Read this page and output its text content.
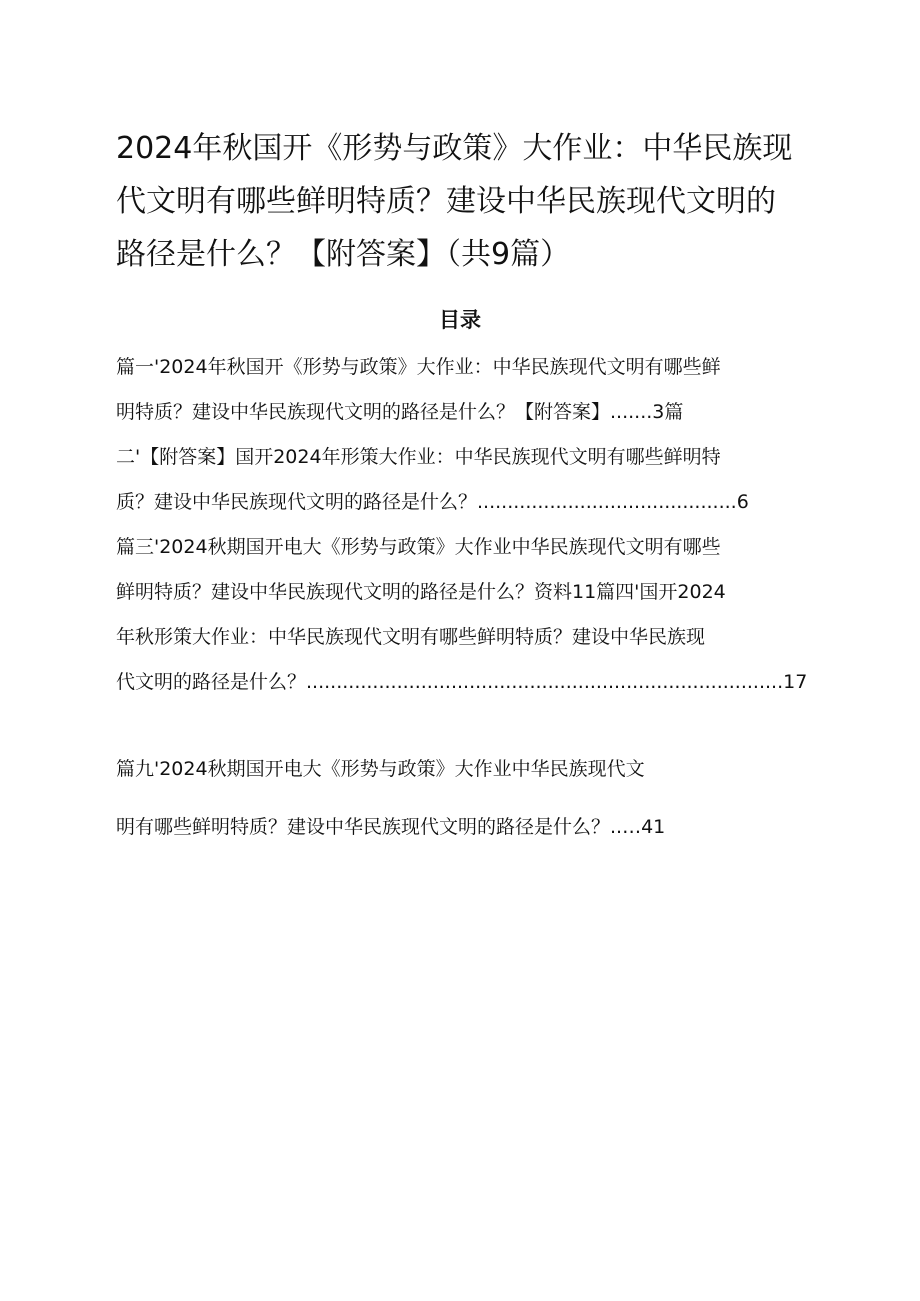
2024年秋国开《形势与政策》大作业：中华民族现
代文明有哪些鲜明特质？建设中华民族现代文明的
路径是什么？【附答案】（共9篇）
目录
篇一'2024年秋国开《形势与政策》大作业：中华民族现代文明有哪些鲜
明特质？建设中华民族现代文明的路径是什么？【附答案】.......3篇
二'【附答案】国开2024年形策大作业：中华民族现代文明有哪些鲜明特
质？建设中华民族现代文明的路径是什么？...........................................6
篇三'2024秋期国开电大《形势与政策》大作业中华民族现代文明有哪些
鲜明特质？建设中华民族现代文明的路径是什么？资料11篇四'国开2024
年秋形策大作业：中华民族现代文明有哪些鲜明特质？建设中华民族现
代文明的路径是什么？...............................................................................17
篇九'2024秋期国开电大《形势与政策》大作业中华民族现代文
明有哪些鲜明特质？建设中华民族现代文明的路径是什么？..…41
